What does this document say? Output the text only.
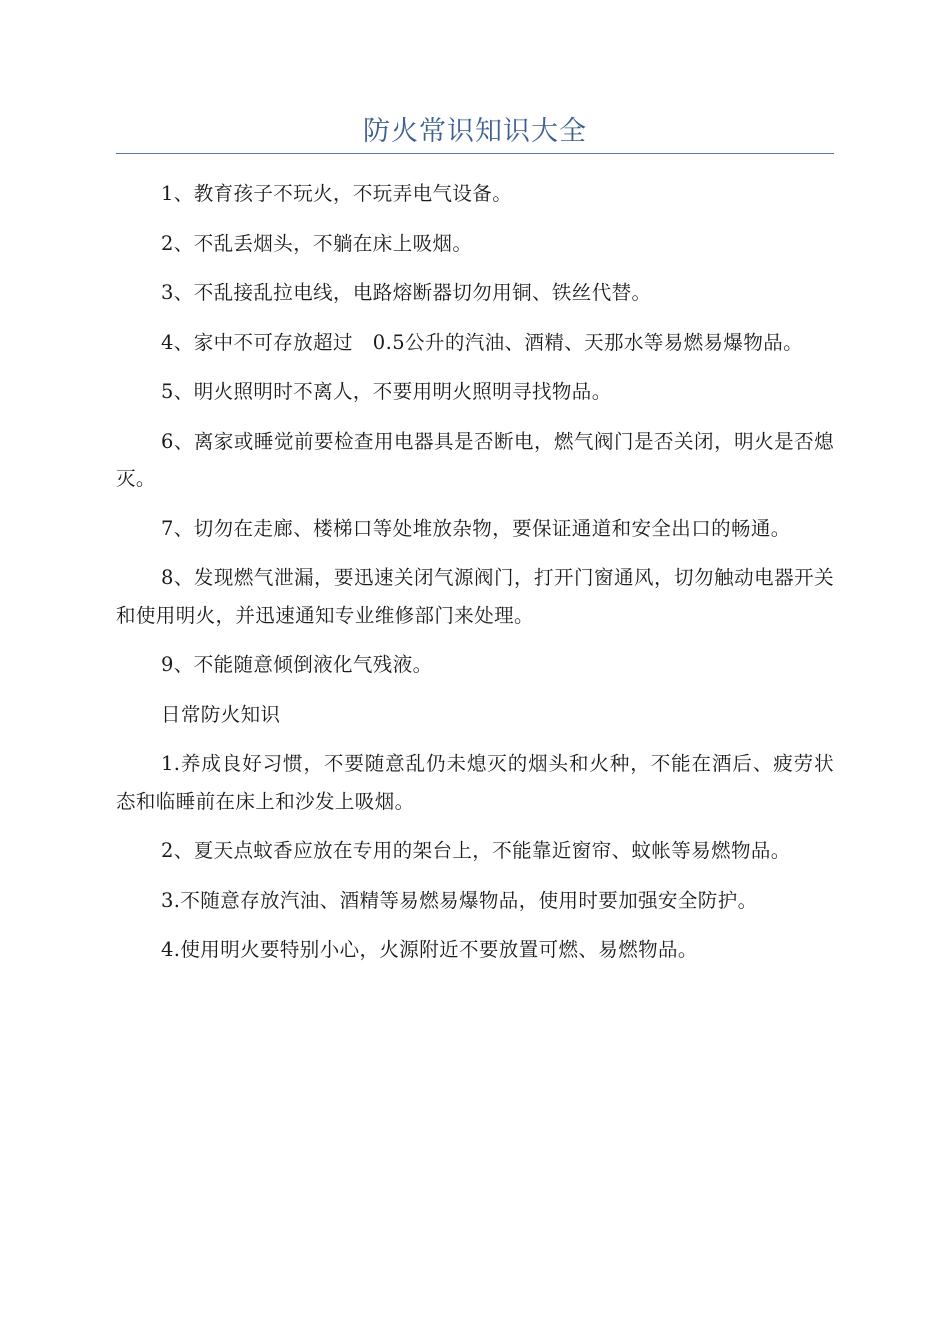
防火常识知识大全

1、教育孩子不玩火，不玩弄电气设备。

2、不乱丢烟头，不躺在床上吸烟。

3、不乱接乱拉电线，电路熔断器切勿用铜、铁丝代替。

4、家中不可存放超过　0.5公升的汽油、酒精、天那水等易燃易爆物品。

5、明火照明时不离人，不要用明火照明寻找物品。

6、离家或睡觉前要检查用电器具是否断电，燃气阀门是否关闭，明火是否熄灭。

7、切勿在走廊、楼梯口等处堆放杂物，要保证通道和安全出口的畅通。

8、发现燃气泄漏，要迅速关闭气源阀门，打开门窗通风，切勿触动电器开关和使用明火，并迅速通知专业维修部门来处理。

9、不能随意倾倒液化气残液。

日常防火知识

1.养成良好习惯，不要随意乱仍未熄灭的烟头和火种，不能在酒后、疲劳状态和临睡前在床上和沙发上吸烟。

2、夏天点蚊香应放在专用的架台上，不能靠近窗帘、蚊帐等易燃物品。

3.不随意存放汽油、酒精等易燃易爆物品，使用时要加强安全防护。

4.使用明火要特别小心，火源附近不要放置可燃、易燃物品。
